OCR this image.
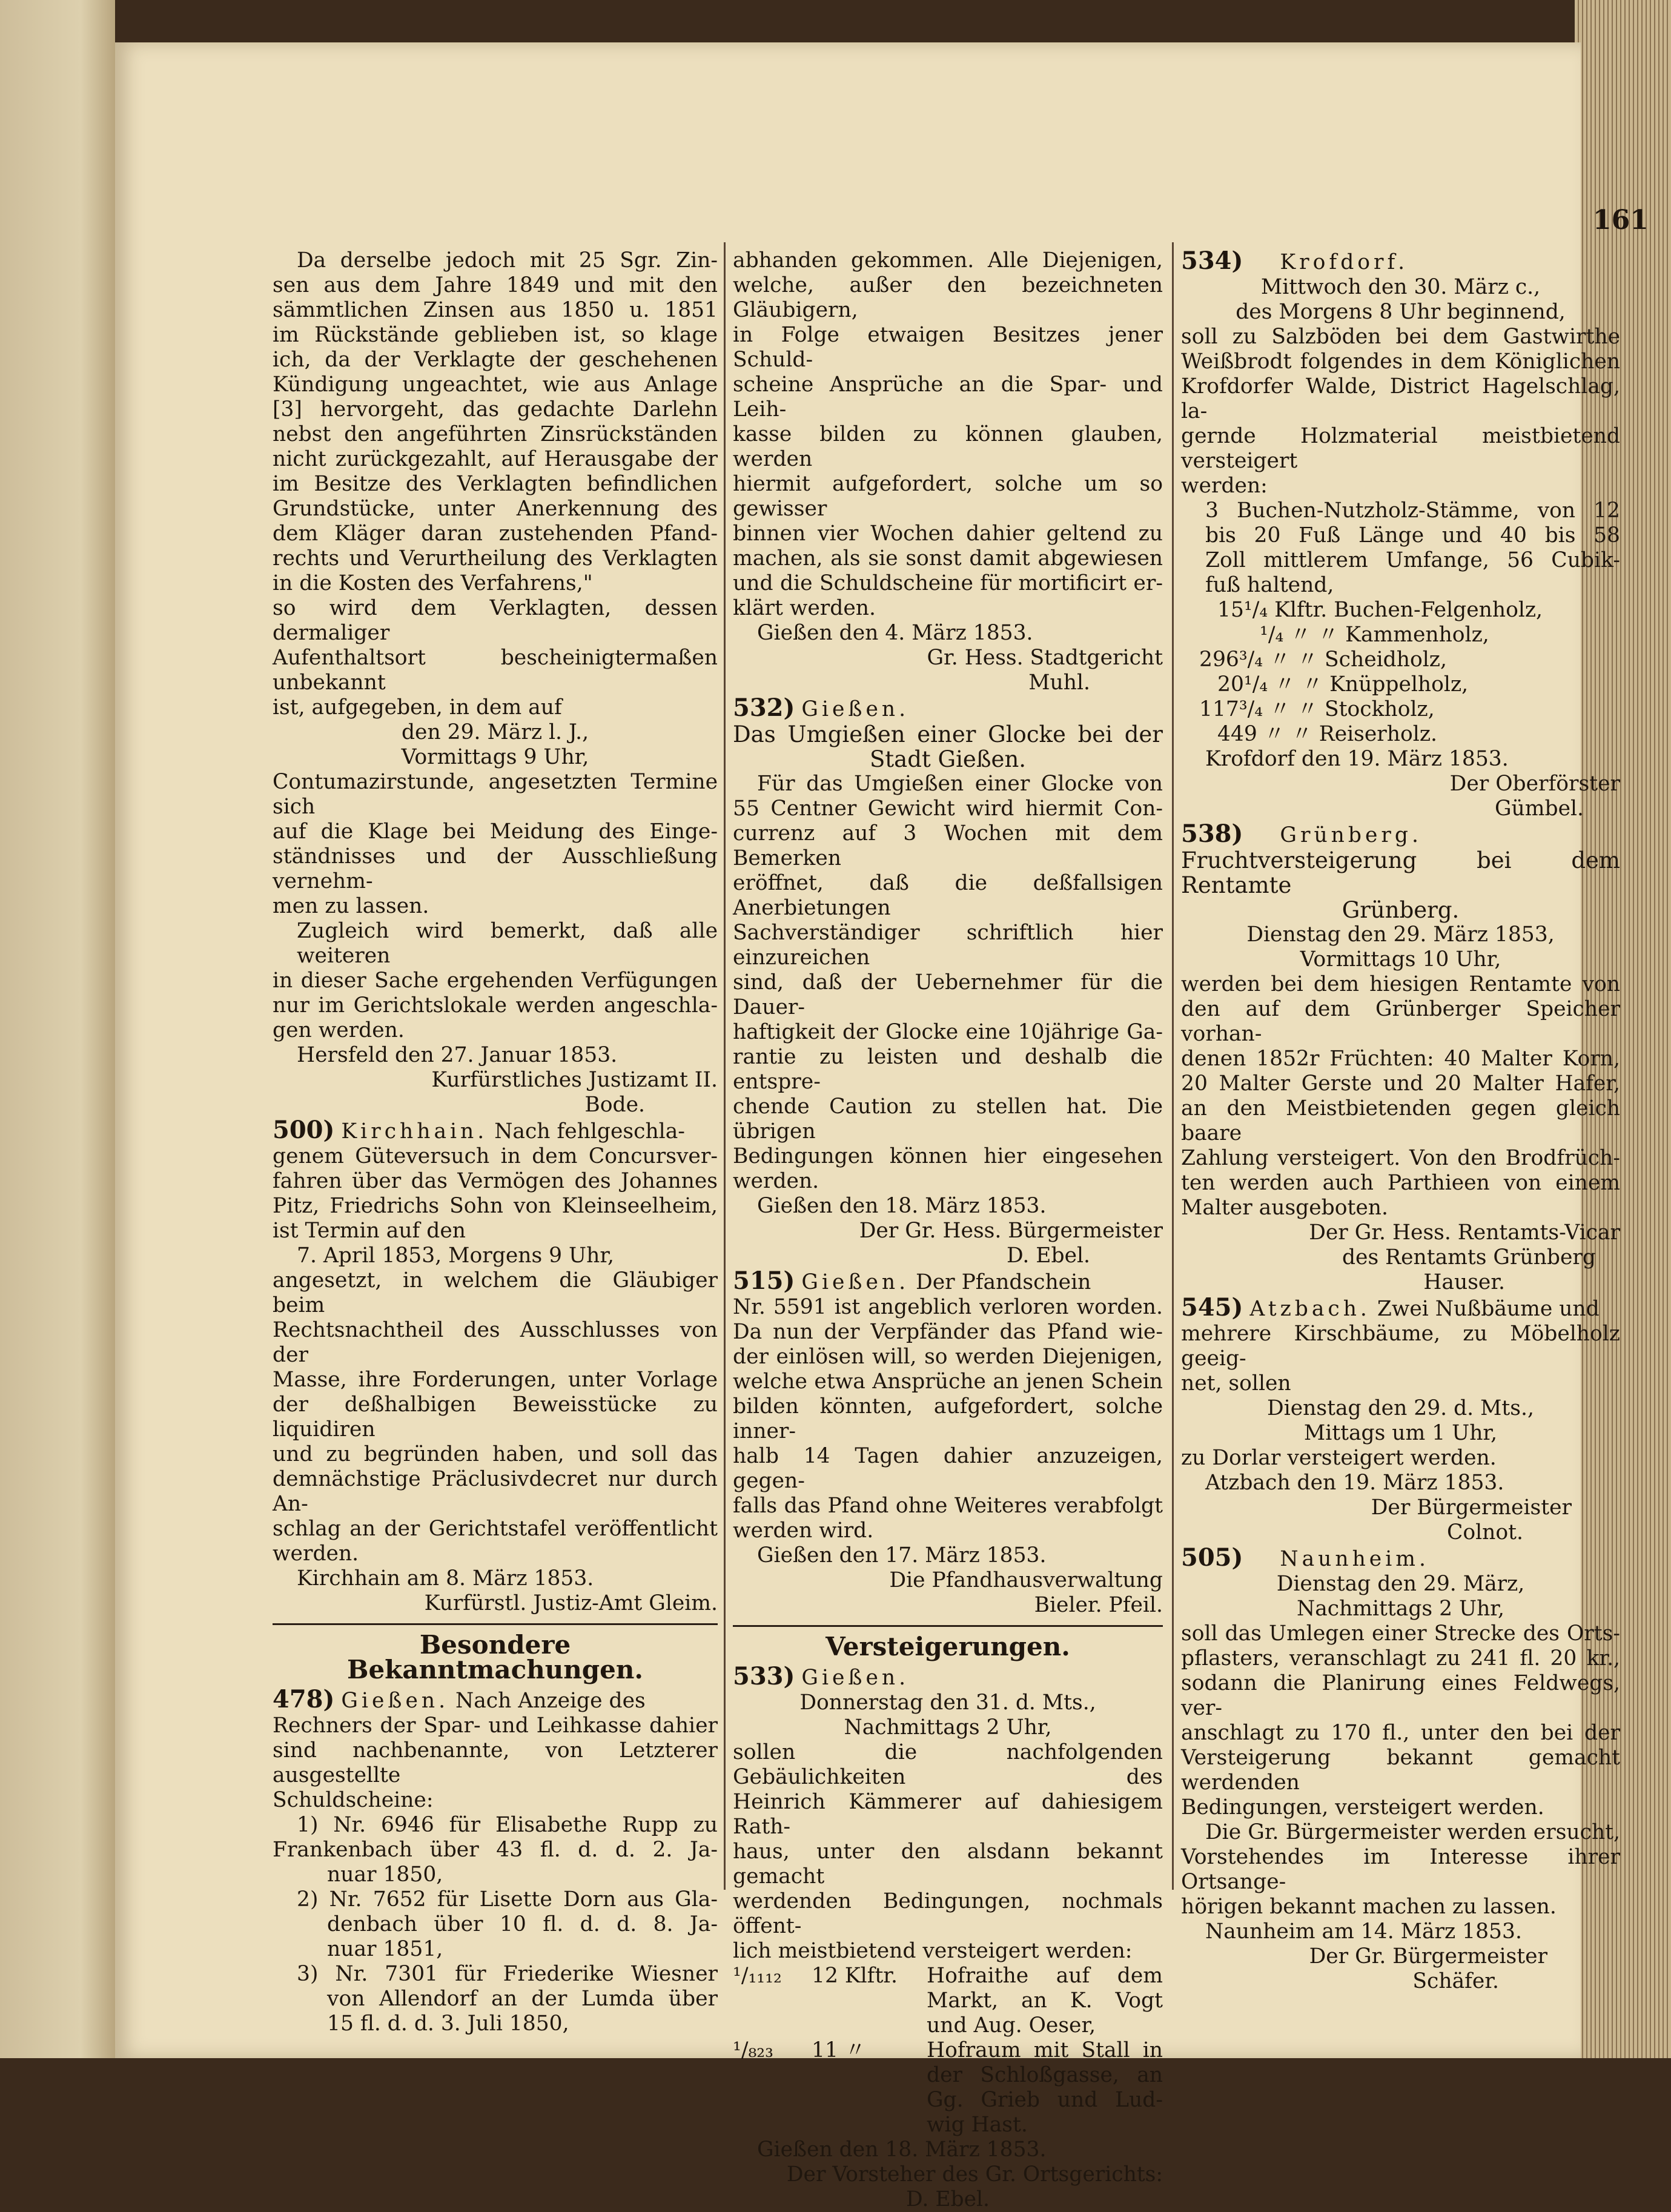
161

Da derselbe jedoch mit 25 Sgr. Zin-

sen aus dem Jahre 1849 und mit den

sämmtlichen Zinsen aus 1850 u. 1851

im Rückstände geblieben ist, so klage

ich, da der Verklagte der geschehenen

Kündigung ungeachtet, wie aus Anlage

[3] hervorgeht, das gedachte Darlehn

nebst den angeführten Zinsrückständen

nicht zurückgezahlt, auf Herausgabe der

im Besitze des Verklagten befindlichen

Grundstücke, unter Anerkennung des

dem Kläger daran zustehenden Pfand-

rechts und Verurtheilung des Verklagten

in die Kosten des Verfahrens,"

so wird dem Verklagten, dessen dermaliger

Aufenthaltsort bescheinigtermaßen unbekannt

ist, aufgegeben, in dem auf

den 29. März l. J.,

Vormittags 9 Uhr,

Contumazirstunde, angesetzten Termine sich

auf die Klage bei Meidung des Einge-

ständnisses und der Ausschließung vernehm-

men zu lassen.

Zugleich wird bemerkt, daß alle weiteren

in dieser Sache ergehenden Verfügungen

nur im Gerichtslokale werden angeschla-

gen werden.

Hersfeld den 27. Januar 1853.

Kurfürstliches Justizamt II.

Bode.

500) Kirchhain. Nach fehlgeschla-

genem Güteversuch in dem Concursver-

fahren über das Vermögen des Johannes

Pitz, Friedrichs Sohn von Kleinseelheim,

ist Termin auf den

7. April 1853, Morgens 9 Uhr,

angesetzt, in welchem die Gläubiger beim

Rechtsnachtheil des Ausschlusses von der

Masse, ihre Forderungen, unter Vorlage

der deßhalbigen Beweisstücke zu liquidiren

und zu begründen haben, und soll das

demnächstige Präclusivdecret nur durch An-

schlag an der Gerichtstafel veröffentlicht

werden.

Kirchhain am 8. März 1853.

Kurfürstl. Justiz-Amt Gleim.

Besondere Bekanntmachungen.

478) Gießen. Nach Anzeige des

Rechners der Spar- und Leihkasse dahier

sind nachbenannte, von Letzterer ausgestellte

Schuldscheine:

1) Nr. 6946 für Elisabethe Rupp zu

Frankenbach über 43 fl. d. d. 2. Ja-

nuar 1850,

2) Nr. 7652 für Lisette Dorn aus Gla-

denbach über 10 fl. d. d. 8. Ja-

nuar 1851,

3) Nr. 7301 für Friederike Wiesner

von Allendorf an der Lumda über

15 fl. d. d. 3. Juli 1850,

abhanden gekommen. Alle Diejenigen,

welche, außer den bezeichneten Gläubigern,

in Folge etwaigen Besitzes jener Schuld-

scheine Ansprüche an die Spar- und Leih-

kasse bilden zu können glauben, werden

hiermit aufgefordert, solche um so gewisser

binnen vier Wochen dahier geltend zu

machen, als sie sonst damit abgewiesen

und die Schuldscheine für mortificirt er-

klärt werden.

Gießen den 4. März 1853.

Gr. Hess. Stadtgericht

Muhl.

532) Gießen.

Das Umgießen einer Glocke bei der

Stadt Gießen.

Für das Umgießen einer Glocke von

55 Centner Gewicht wird hiermit Con-

currenz auf 3 Wochen mit dem Bemerken

eröffnet, daß die deßfallsigen Anerbietungen

Sachverständiger schriftlich hier einzureichen

sind, daß der Uebernehmer für die Dauer-

haftigkeit der Glocke eine 10jährige Ga-

rantie zu leisten und deshalb die entspre-

chende Caution zu stellen hat. Die übrigen

Bedingungen können hier eingesehen werden.

Gießen den 18. März 1853.

Der Gr. Hess. Bürgermeister

D. Ebel.

515) Gießen. Der Pfandschein

Nr. 5591 ist angeblich verloren worden.

Da nun der Verpfänder das Pfand wie-

der einlösen will, so werden Diejenigen,

welche etwa Ansprüche an jenen Schein

bilden könnten, aufgefordert, solche inner-

halb 14 Tagen dahier anzuzeigen, gegen-

falls das Pfand ohne Weiteres verabfolgt

werden wird.

Gießen den 17. März 1853.

Die Pfandhausverwaltung

Bieler. Pfeil.

Versteigerungen.

533) Gießen.

Donnerstag den 31. d. Mts.,

Nachmittags 2 Uhr,

sollen die nachfolgenden Gebäulichkeiten des

Heinrich Kämmerer auf dahiesigem Rath-

haus, unter den alsdann bekannt gemacht

werdenden Bedingungen, nochmals öffent-

lich meistbietend versteigert werden:

¹/₁₁₁₂	12 Klftr.	Hofraithe auf dem

Markt, an K. Vogt

und Aug. Oeser,

¹/₈₂₃	11 〃	Hofraum mit Stall in

der Schloßgasse, an

Gg. Grieb und Lud-

wig Hast.

Gießen den 18. März 1853.

Der Vorsteher des Gr. Ortsgerichts:

D. Ebel.

534) Krofdorf.

Mittwoch den 30. März c.,

des Morgens 8 Uhr beginnend,

soll zu Salzböden bei dem Gastwirthe

Weißbrodt folgendes in dem Königlichen

Krofdorfer Walde, District Hagelschlag, la-

gernde Holzmaterial meistbietend versteigert

werden:

3 Buchen-Nutzholz-Stämme, von 12

bis 20 Fuß Länge und 40 bis 58

Zoll mittlerem Umfange, 56 Cubik-

fuß haltend,

15¹/₄ Klftr. Buchen-Felgenholz,

¹/₄ 〃 〃 Kammenholz,

296³/₄ 〃 〃 Scheidholz,

20¹/₄ 〃 〃 Knüppelholz,

117³/₄ 〃 〃 Stockholz,

449 〃 〃 Reiserholz.

Krofdorf den 19. März 1853.

Der Oberförster

Gümbel.

538) Grünberg.

Fruchtversteigerung bei dem Rentamte

Grünberg.

Dienstag den 29. März 1853,

Vormittags 10 Uhr,

werden bei dem hiesigen Rentamte von

den auf dem Grünberger Speicher vorhan-

denen 1852r Früchten: 40 Malter Korn,

20 Malter Gerste und 20 Malter Hafer,

an den Meistbietenden gegen gleich baare

Zahlung versteigert. Von den Brodfrüch-

ten werden auch Parthieen von einem

Malter ausgeboten.

Der Gr. Hess. Rentamts-Vicar

des Rentamts Grünberg

Hauser.

545) Atzbach. Zwei Nußbäume und

mehrere Kirschbäume, zu Möbelholz geeig-

net, sollen

Dienstag den 29. d. Mts.,

Mittags um 1 Uhr,

zu Dorlar versteigert werden.

Atzbach den 19. März 1853.

Der Bürgermeister

Colnot.

505) Naunheim.

Dienstag den 29. März,

Nachmittags 2 Uhr,

soll das Umlegen einer Strecke des Orts-

pflasters, veranschlagt zu 241 fl. 20 kr.,

sodann die Planirung eines Feldwegs, ver-

anschlagt zu 170 fl., unter den bei der

Versteigerung bekannt gemacht werdenden

Bedingungen, versteigert werden.

Die Gr. Bürgermeister werden ersucht,

Vorstehendes im Interesse ihrer Ortsange-

hörigen bekannt machen zu lassen.

Naunheim am 14. März 1853.

Der Gr. Bürgermeister

Schäfer.
